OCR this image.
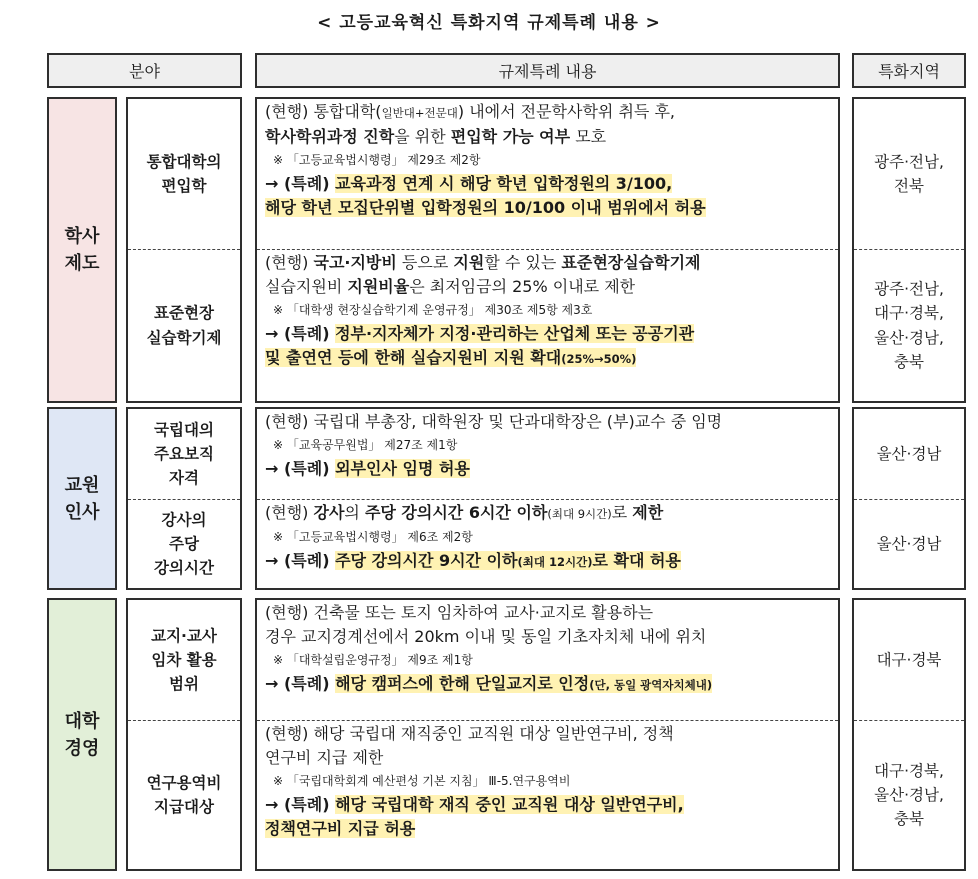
< 고등교육혁신 특화지역 규제특례 내용 >
분야	규제특례 내용	특화지역
학사
제도
통합대학의
편입학
표준현장
실습학기제
(현행) 통합대학(일반대+전문대) 내에서 전문학사학위 취득 후,
학사학위과정 진학을 위한 편입학 가능 여부 모호
※ 「고등교육법시행령」 제29조 제2항
→ (특례) 교육과정 연계 시 해당 학년 입학정원의 3/100,
해당 학년 모집단위별 입학정원의 10/100 이내 범위에서 허용
(현행) 국고·지방비 등으로 지원할 수 있는 표준현장실습학기제
실습지원비 지원비율은 최저임금의 25% 이내로 제한
※ 「대학생 현장실습학기제 운영규정」 제30조 제5항 제3호
→ (특례) 정부·지자체가 지정·관리하는 산업체 또는 공공기관
및 출연연 등에 한해 실습지원비 지원 확대(25%→50%)
광주·전남,
전북
광주·전남,
대구·경북,
울산·경남,
충북
교원
인사
국립대의
주요보직
자격
강사의
주당
강의시간
(현행) 국립대 부총장, 대학원장 및 단과대학장은 (부)교수 중 임명
※ 「교육공무원법」 제27조 제1항
→ (특례) 외부인사 임명 허용
(현행) 강사의 주당 강의시간 6시간 이하(최대 9시간)로 제한
※ 「고등교육법시행령」 제6조 제2항
→ (특례) 주당 강의시간 9시간 이하(최대 12시간)로 확대 허용
울산·경남
울산·경남
대학
경영
교지·교사
임차 활용
범위
연구용역비
지급대상
(현행) 건축물 또는 토지 임차하여 교사·교지로 활용하는
경우 교지경계선에서 20km 이내 및 동일 기초자치체 내에 위치
※ 「대학설립운영규정」 제9조 제1항
→ (특례) 해당 캠퍼스에 한해 단일교지로 인정(단, 동일 광역자치체내)
(현행) 해당 국립대 재직중인 교직원 대상 일반연구비, 정책
연구비 지급 제한
※ 「국립대학회계 예산편성 기본 지침」 Ⅲ-5.연구용역비
→ (특례) 해당 국립대학 재직 중인 교직원 대상 일반연구비,
정책연구비 지급 허용
대구·경북
대구·경북,
울산·경남,
충북
